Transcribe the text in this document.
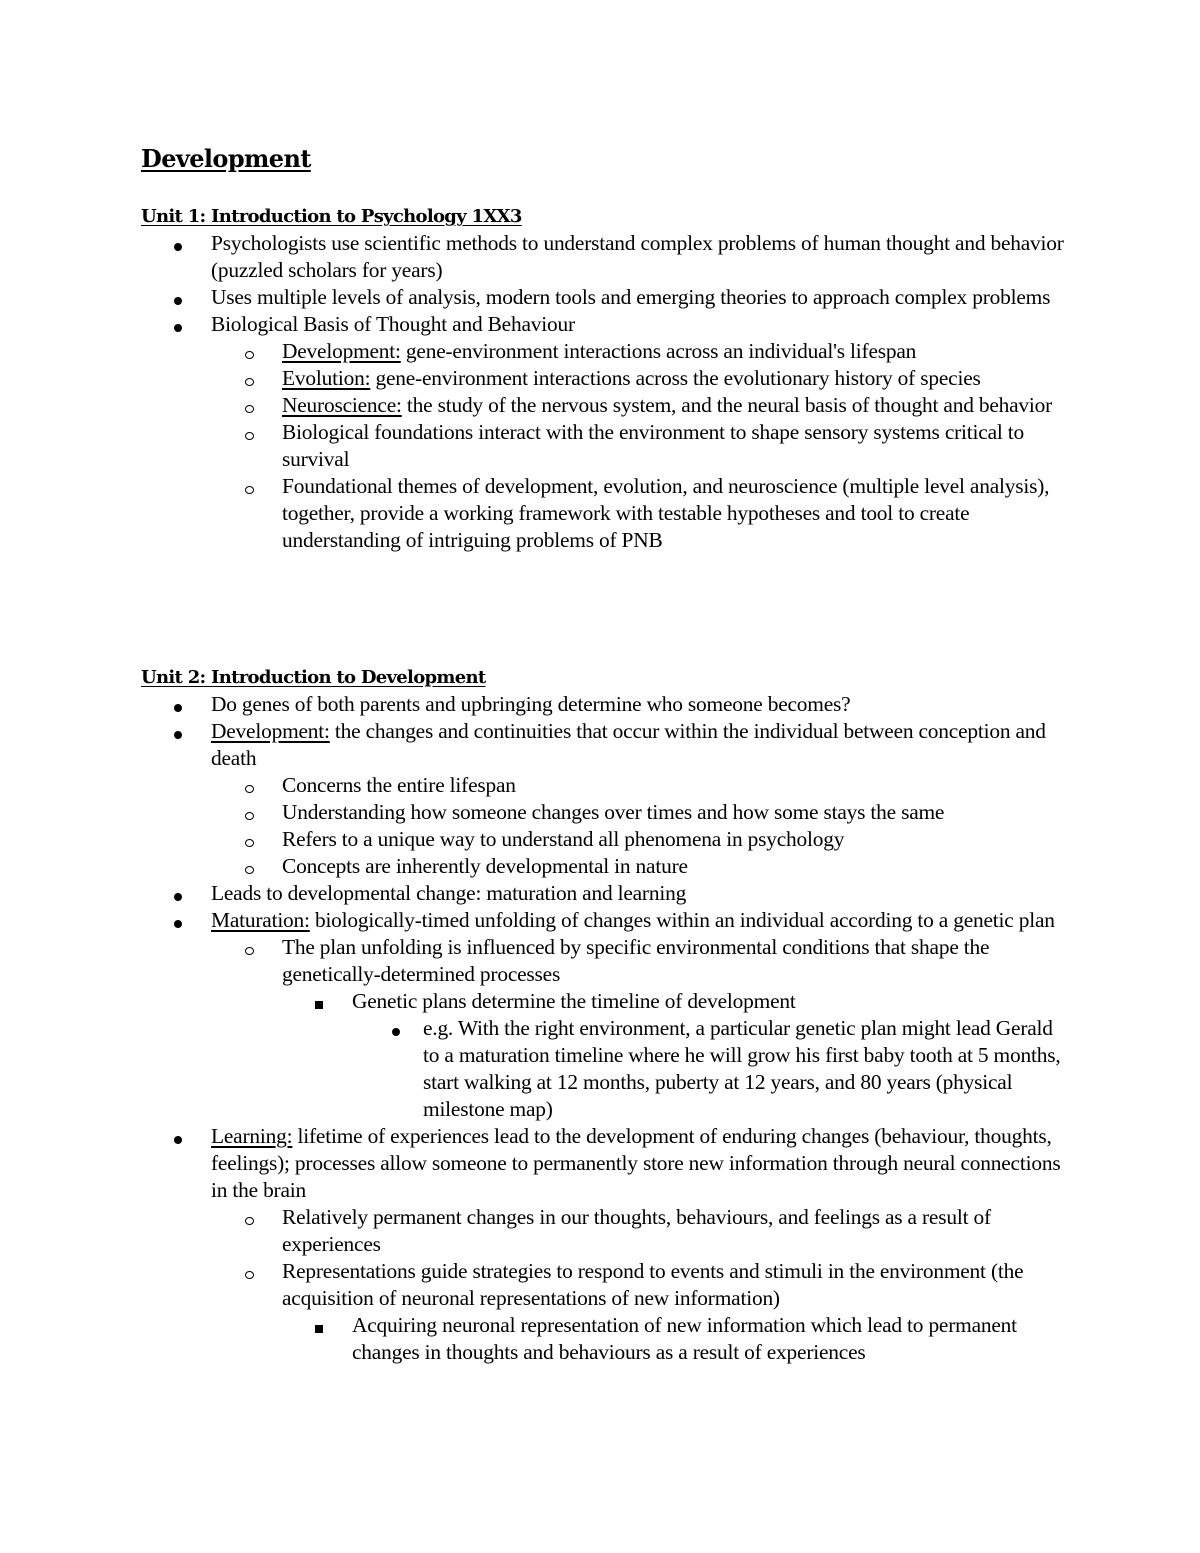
Development
Unit 1: Introduction to Psychology 1XX3
Psychologists use scientific methods to understand complex problems of human thought and behavior (puzzled scholars for years)
Uses multiple levels of analysis, modern tools and emerging theories to approach complex problems
Biological Basis of Thought and Behaviour
Development: gene-environment interactions across an individual's lifespan
Evolution: gene-environment interactions across the evolutionary history of species
Neuroscience: the study of the nervous system, and the neural basis of thought and behavior
Biological foundations interact with the environment to shape sensory systems critical to survival
Foundational themes of development, evolution, and neuroscience (multiple level analysis), together, provide a working framework with testable hypotheses and tool to create understanding of intriguing problems of PNB
Unit 2: Introduction to Development
Do genes of both parents and upbringing determine who someone becomes?
Development: the changes and continuities that occur within the individual between conception and death
Concerns the entire lifespan
Understanding how someone changes over times and how some stays the same
Refers to a unique way to understand all phenomena in psychology
Concepts are inherently developmental in nature
Leads to developmental change: maturation and learning
Maturation: biologically-timed unfolding of changes within an individual according to a genetic plan
The plan unfolding is influenced by specific environmental conditions that shape the genetically-determined processes
Genetic plans determine the timeline of development
e.g. With the right environment, a particular genetic plan might lead Gerald to a maturation timeline where he will grow his first baby tooth at 5 months, start walking at 12 months, puberty at 12 years, and 80 years (physical milestone map)
Learning: lifetime of experiences lead to the development of enduring changes (behaviour, thoughts, feelings); processes allow someone to permanently store new information through neural connections in the brain
Relatively permanent changes in our thoughts, behaviours, and feelings as a result of experiences
Representations guide strategies to respond to events and stimuli in the environment (the acquisition of neuronal representations of new information)
Acquiring neuronal representation of new information which lead to permanent changes in thoughts and behaviours as a result of experiences
